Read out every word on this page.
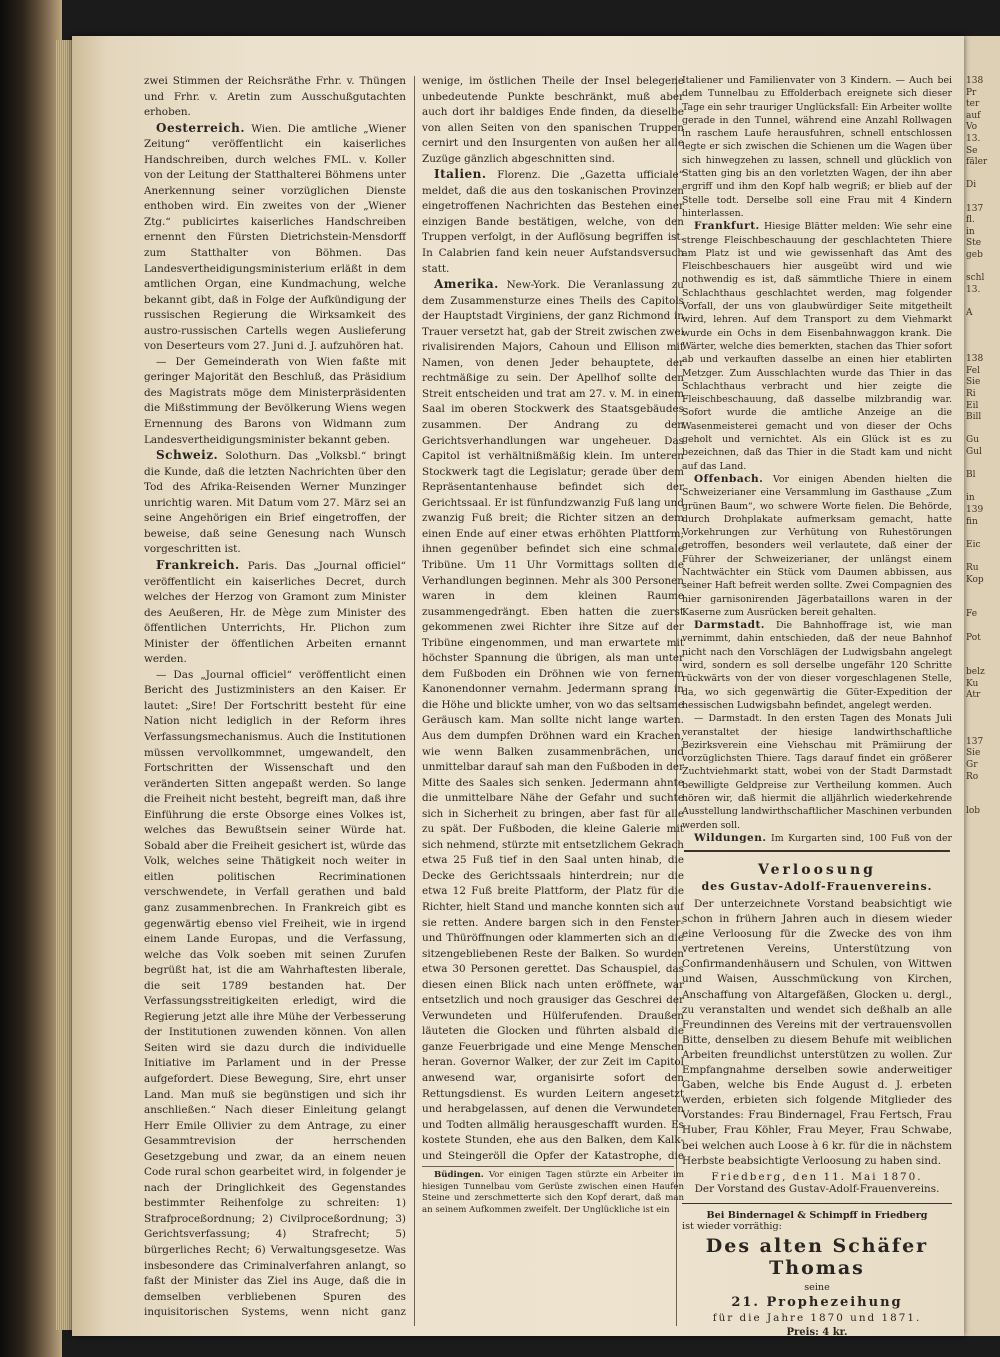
138
Pr
ter
auf
Vo
13.
Se
fäler

Di

137
fl.
in
Ste
geb

schl
13.

A

138
Fel
Sie
Ri
Eil
Bill

Gu
Gul

Bl

in
139
fin

Eic

Ru
Kop

Fe

Pot

belz
Ku
Atr

137
Sie
Gr
Ro

lob

zwei Stimmen der Reichsräthe Frhr. v. Thüngen und Frhr. v. Aretin zum Ausschußgutachten erhoben.

Oesterreich. Wien. Die amtliche „Wiener Zeitung“ veröffentlicht ein kaiserliches Handschreiben, durch welches FML. v. Koller von der Leitung der Statthalterei Böhmens unter Anerkennung seiner vorzüglichen Dienste enthoben wird. Ein zweites von der „Wiener Ztg.“ publicirtes kaiserliches Handschreiben ernennt den Fürsten Dietrichstein-Mensdorff zum Statthalter von Böhmen. Das Landesvertheidigungsministerium erläßt in dem amtlichen Organ, eine Kundmachung, welche bekannt gibt, daß in Folge der Aufkündigung der russischen Regierung die Wirksamkeit des austro-russischen Cartells wegen Auslieferung von Deserteurs vom 27. Juni d. J. aufzuhören hat.

— Der Gemeinderath von Wien faßte mit geringer Majorität den Beschluß, das Präsidium des Magistrats möge dem Ministerpräsidenten die Mißstimmung der Bevölkerung Wiens wegen Ernennung des Barons von Widmann zum Landesvertheidigungsminister bekannt geben.

Schweiz. Solothurn. Das „Volksbl.“ bringt die Kunde, daß die letzten Nachrichten über den Tod des Afrika-Reisenden Werner Munzinger unrichtig waren. Mit Datum vom 27. März sei an seine Angehörigen ein Brief eingetroffen, der beweise, daß seine Genesung nach Wunsch vorgeschritten ist.

Frankreich. Paris. Das „Journal officiel“ veröffentlicht ein kaiserliches Decret, durch welches der Herzog von Gramont zum Minister des Aeußeren, Hr. de Mège zum Minister des öffentlichen Unterrichts, Hr. Plichon zum Minister der öffentlichen Arbeiten ernannt werden.

— Das „Journal officiel“ veröffentlicht einen Bericht des Justizministers an den Kaiser. Er lautet: „Sire! Der Fortschritt besteht für eine Nation nicht lediglich in der Reform ihres Verfassungsmechanismus. Auch die Institutionen müssen vervollkommnet, umgewandelt, den Fortschritten der Wissenschaft und den veränderten Sitten angepaßt werden. So lange die Freiheit nicht besteht, begreift man, daß ihre Einführung die erste Obsorge eines Volkes ist, welches das Bewußtsein seiner Würde hat. Sobald aber die Freiheit gesichert ist, würde das Volk, welches seine Thätigkeit noch weiter in eitlen politischen Recriminationen verschwendete, in Verfall gerathen und bald ganz zusammenbrechen. In Frankreich gibt es gegenwärtig ebenso viel Freiheit, wie in irgend einem Lande Europas, und die Verfassung, welche das Volk soeben mit seinen Zurufen begrüßt hat, ist die am Wahrhaftesten liberale, die seit 1789 bestanden hat. Der Verfassungsstreitigkeiten erledigt, wird die Regierung jetzt alle ihre Mühe der Verbesserung der Institutionen zuwenden können. Von allen Seiten wird sie dazu durch die individuelle Initiative im Parlament und in der Presse aufgefordert. Diese Bewegung, Sire, ehrt unser Land. Man muß sie begünstigen und sich ihr anschließen.“ Nach dieser Einleitung gelangt Herr Emile Ollivier zu dem Antrage, zu einer Gesammtrevision der herrschenden Gesetzgebung und zwar, da an einem neuen Code rural schon gearbeitet wird, in folgender je nach der Dringlichkeit des Gegenstandes bestimmter Reihenfolge zu schreiten: 1) Strafproceßordnung; 2) Civilproceßordnung; 3) Gerichtsverfassung; 4) Strafrecht; 5) bürgerliches Recht; 6) Verwaltungsgesetze. Was insbesondere das Criminalverfahren anlangt, so faßt der Minister das Ziel ins Auge, daß die in demselben verbliebenen Spuren des inquisitorischen Systems, wenn nicht ganz

wenige, im östlichen Theile der Insel belegene unbedeutende Punkte beschränkt, muß aber auch dort ihr baldiges Ende finden, da dieselbe von allen Seiten von den spanischen Truppen cernirt und den Insurgenten von außen her alle Zuzüge gänzlich abgeschnitten sind.

Italien. Florenz. Die „Gazetta ufficiale“ meldet, daß die aus den toskanischen Provinzen eingetroffenen Nachrichten das Bestehen einer einzigen Bande bestätigen, welche, von den Truppen verfolgt, in der Auflösung begriffen ist. In Calabrien fand kein neuer Aufstandsversuch statt.

Amerika. New-York. Die Veranlassung zu dem Zusammensturze eines Theils des Capitols der Hauptstadt Virginiens, der ganz Richmond in Trauer versetzt hat, gab der Streit zwischen zwei rivalisirenden Majors, Cahoun und Ellison mit Namen, von denen Jeder behauptete, der rechtmäßige zu sein. Der Apellhof sollte den Streit entscheiden und trat am 27. v. M. in einem Saal im oberen Stockwerk des Staatsgebäudes zusammen. Der Andrang zu den Gerichtsverhandlungen war ungeheuer. Das Capitol ist verhältnißmäßig klein. Im unteren Stockwerk tagt die Legislatur; gerade über dem Repräsentantenhause befindet sich der Gerichtssaal. Er ist fünfundzwanzig Fuß lang und zwanzig Fuß breit; die Richter sitzen an dem einen Ende auf einer etwas erhöhten Plattform; ihnen gegenüber befindet sich eine schmale Tribüne. Um 11 Uhr Vormittags sollten die Verhandlungen beginnen. Mehr als 300 Personen waren in dem kleinen Raume zusammengedrängt. Eben hatten die zuerst gekommenen zwei Richter ihre Sitze auf der Tribüne eingenommen, und man erwartete mit höchster Spannung die übrigen, als man unter dem Fußboden ein Dröhnen wie von fernem Kanonendonner vernahm. Jedermann sprang in die Höhe und blickte umher, von wo das seltsame Geräusch kam. Man sollte nicht lange warten. Aus dem dumpfen Dröhnen ward ein Krachen, wie wenn Balken zusammenbrächen, und unmittelbar darauf sah man den Fußboden in der Mitte des Saales sich senken. Jedermann ahnte die unmittelbare Nähe der Gefahr und suchte sich in Sicherheit zu bringen, aber fast für alle zu spät. Der Fußboden, die kleine Galerie mit sich nehmend, stürzte mit entsetzlichem Gekrach etwa 25 Fuß tief in den Saal unten hinab, die Decke des Gerichtssaals hinterdrein; nur die etwa 12 Fuß breite Plattform, der Platz für die Richter, hielt Stand und manche konnten sich auf sie retten. Andere bargen sich in den Fenster- und Thüröffnungen oder klammerten sich an die sitzengebliebenen Reste der Balken. So wurden etwa 30 Personen gerettet. Das Schauspiel, das diesen einen Blick nach unten eröffnete, war entsetzlich und noch grausiger das Geschrei der Verwundeten und Hülferufenden. Draußen läuteten die Glocken und führten alsbald die ganze Feuerbrigade und eine Menge Menschen heran. Governor Walker, der zur Zeit im Capitol anwesend war, organisirte sofort den Rettungsdienst. Es wurden Leitern angesetzt und herabgelassen, auf denen die Verwundeten und Todten allmälig herausgeschafft wurden. Es kostete Stunden, ehe aus den Balken, dem Kalk- und Steingeröll die Opfer der Katastrophe, die

Büdingen. Vor einigen Tagen stürzte ein Arbeiter im hiesigen Tunnelbau vom Gerüste zwischen einen Haufen Steine und zerschmetterte sich den Kopf derart, daß man an seinem Aufkommen zweifelt. Der Unglückliche ist ein

Italiener und Familienvater von 3 Kindern. — Auch bei dem Tunnelbau zu Effolderbach ereignete sich dieser Tage ein sehr trauriger Unglücksfall: Ein Arbeiter wollte gerade in den Tunnel, während eine Anzahl Rollwagen in raschem Laufe herausfuhren, schnell entschlossen legte er sich zwischen die Schienen um die Wagen über sich hinwegzehen zu lassen, schnell und glücklich von Statten ging bis an den vorletzten Wagen, der ihn aber ergriff und ihm den Kopf halb wegriß; er blieb auf der Stelle todt. Derselbe soll eine Frau mit 4 Kindern hinterlassen.

Frankfurt. Hiesige Blätter melden: Wie sehr eine strenge Fleischbeschauung der geschlachteten Thiere am Platz ist und wie gewissenhaft das Amt des Fleischbeschauers hier ausgeübt wird und wie nothwendig es ist, daß sämmtliche Thiere in einem Schlachthaus geschlachtet werden, mag folgender Vorfall, der uns von glaubwürdiger Seite mitgetheilt wird, lehren. Auf dem Transport zu dem Viehmarkt wurde ein Ochs in dem Eisenbahnwaggon krank. Die Wärter, welche dies bemerkten, stachen das Thier sofort ab und verkauften dasselbe an einen hier etablirten Metzger. Zum Ausschlachten wurde das Thier in das Schlachthaus verbracht und hier zeigte die Fleischbeschauung, daß dasselbe milzbrandig war. Sofort wurde die amtliche Anzeige an die Wasenmeisterei gemacht und von dieser der Ochs geholt und vernichtet. Als ein Glück ist es zu bezeichnen, daß das Thier in die Stadt kam und nicht auf das Land.

Offenbach. Vor einigen Abenden hielten die Schweizerianer eine Versammlung im Gasthause „Zum grünen Baum“, wo schwere Worte fielen. Die Behörde, durch Drohplakate aufmerksam gemacht, hatte Vorkehrungen zur Verhütung von Ruhestörungen getroffen, besonders weil verlautete, daß einer der Führer der Schweizerianer, der unlängst einem Nachtwächter ein Stück vom Daumen abbissen, aus seiner Haft befreit werden sollte. Zwei Compagnien des hier garnisonirenden Jägerbataillons waren in der Kaserne zum Ausrücken bereit gehalten.

Darmstadt. Die Bahnhoffrage ist, wie man vernimmt, dahin entschieden, daß der neue Bahnhof nicht nach den Vorschlägen der Ludwigsbahn angelegt wird, sondern es soll derselbe ungefähr 120 Schritte rückwärts von der von dieser vorgeschlagenen Stelle, da, wo sich gegenwärtig die Güter-Expedition der hessischen Ludwigsbahn befindet, angelegt werden.

— Darmstadt. In den ersten Tagen des Monats Juli veranstaltet der hiesige landwirthschaftliche Bezirksverein eine Viehschau mit Prämiirung der vorzüglichsten Thiere. Tags darauf findet ein größerer Zuchtviehmarkt statt, wobei von der Stadt Darmstadt bewilligte Geldpreise zur Vertheilung kommen. Auch hören wir, daß hiermit die alljährlich wiederkehrende Ausstellung landwirthschaftlicher Maschinen verbunden werden soll.

Wildungen. Im Kurgarten sind, 100 Fuß von der

Verloosung
des Gustav-Adolf-Frauenvereins.

Der unterzeichnete Vorstand beabsichtigt wie schon in frühern Jahren auch in diesem wieder eine Verloosung für die Zwecke des von ihm vertretenen Vereins, Unterstützung von Confirmandenhäusern und Schulen, von Wittwen und Waisen, Ausschmückung von Kirchen, Anschaffung von Altargefäßen, Glocken u. dergl., zu veranstalten und wendet sich deßhalb an alle Freundinnen des Vereins mit der vertrauensvollen Bitte, denselben zu diesem Behufe mit weiblichen Arbeiten freundlichst unterstützen zu wollen. Zur Empfangnahme derselben sowie anderweitiger Gaben, welche bis Ende August d. J. erbeten werden, erbieten sich folgende Mitglieder des Vorstandes: Frau Bindernagel, Frau Fertsch, Frau Huber, Frau Köhler, Frau Meyer, Frau Schwabe, bei welchen auch Loose à 6 kr. für die in nächstem Herbste beabsichtigte Verloosung zu haben sind.

Friedberg, den 11. Mai 1870.
Der Vorstand des Gustav-Adolf-Frauenvereins.
Bei Bindernagel & Schimpff in Friedberg
ist wieder vorräthig:
Des alten Schäfer Thomas
seine
21. Prophezeihung
für die Jahre 1870 und 1871.
Preis: 4 kr.
